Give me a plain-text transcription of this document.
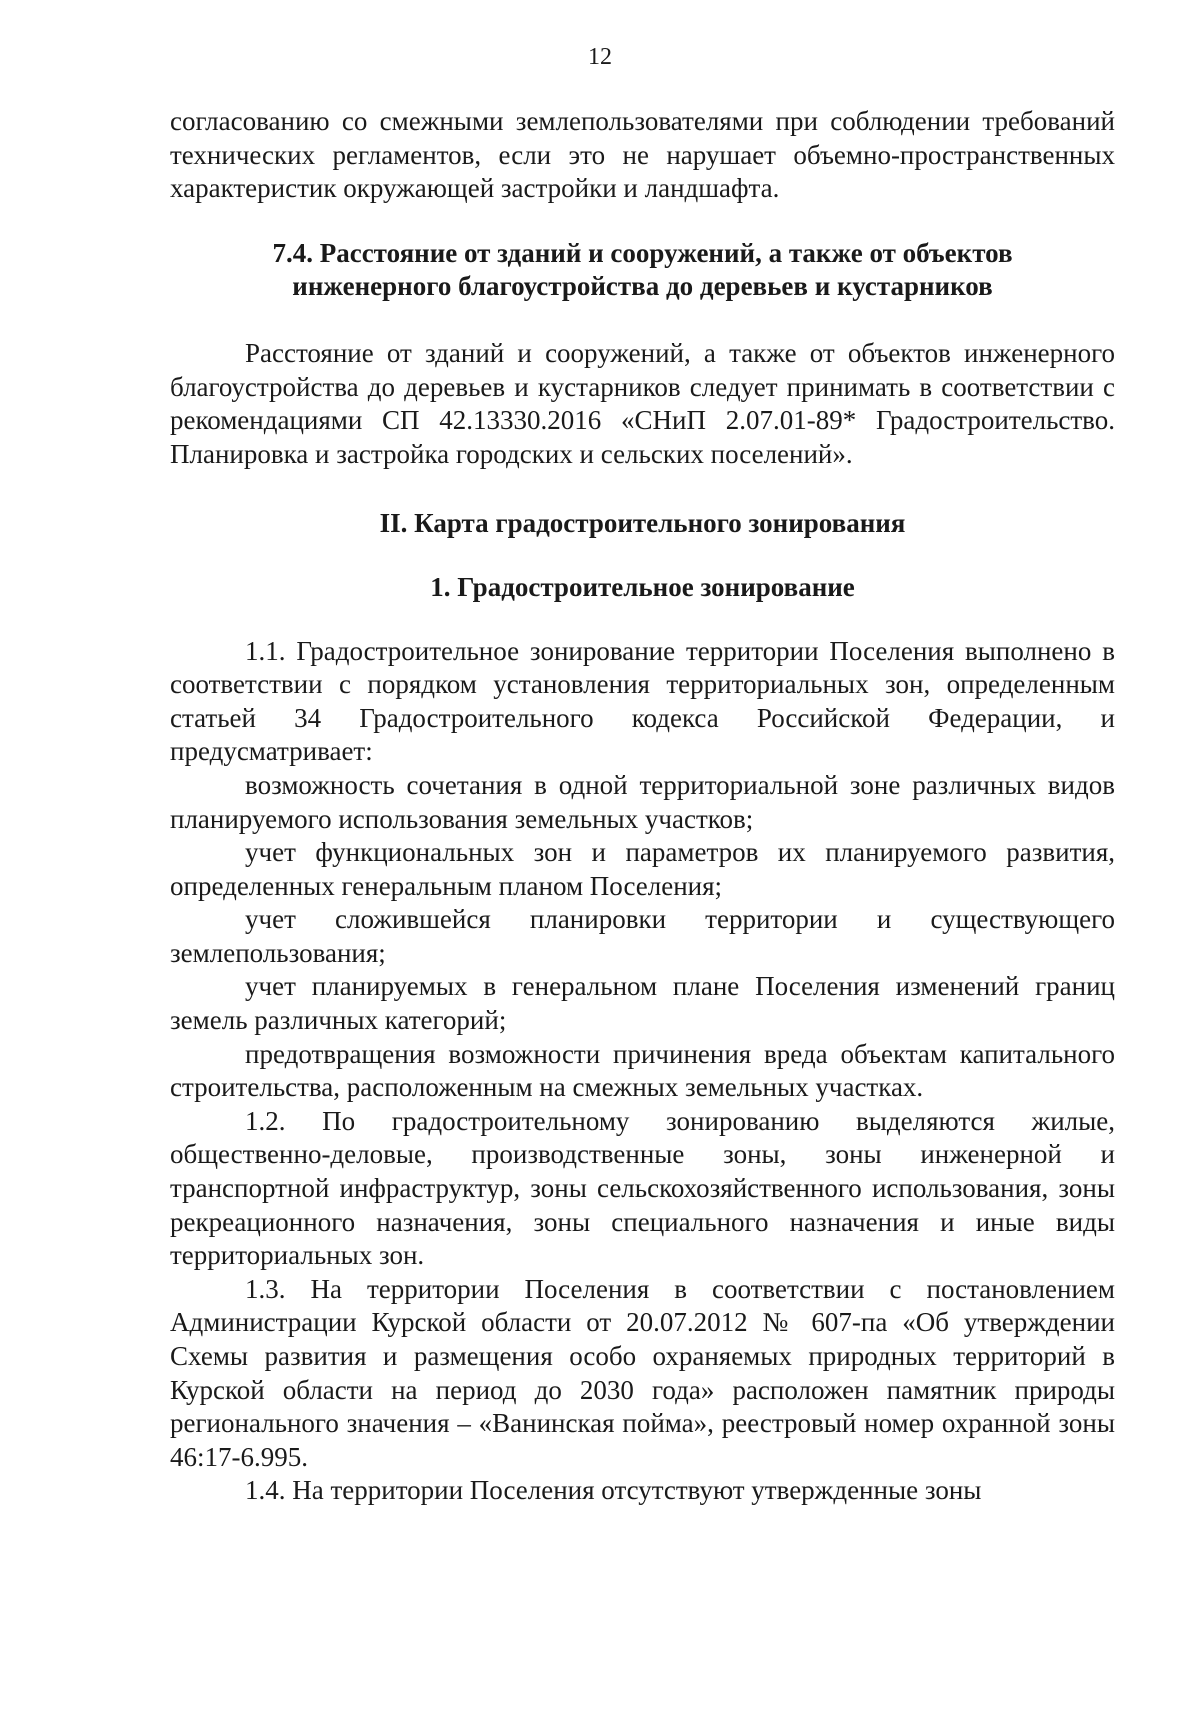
12

согласованию со смежными землепользователями при соблюдении требований технических регламентов, если это не нарушает объемно-пространственных характеристик окружающей застройки и ландшафта.

7.4. Расстояние от зданий и сооружений, а также от объектов
инженерного благоустройства до деревьев и кустарников

Расстояние от зданий и сооружений, а также от объектов инженерного благоустройства до деревьев и кустарников следует принимать в соответствии с рекомендациями СП 42.13330.2016 «СНиП 2.07.01-89* Градостроительство. Планировка и застройка городских и сельских поселений».

II. Карта градостроительного зонирования
1. Градостроительное зонирование

1.1. Градостроительное зонирование территории Поселения выполнено в соответствии с порядком установления территориальных зон, определенным статьей 34 Градостроительного кодекса Российской Федерации, и предусматривает:

возможность сочетания в одной территориальной зоне различных видов планируемого использования земельных участков;

учет функциональных зон и параметров их планируемого развития, определенных генеральным планом Поселения;

учет сложившейся планировки территории и существующего землепользования;

учет планируемых в генеральном плане Поселения изменений границ земель различных категорий;

предотвращения возможности причинения вреда объектам капитального строительства, расположенным на смежных земельных участках.

1.2. По градостроительному зонированию выделяются жилые, общественно-деловые, производственные зоны, зоны инженерной и транспортной инфраструктур, зоны сельскохозяйственного использования, зоны рекреационного назначения, зоны специального назначения и иные виды территориальных зон.

1.3. На территории Поселения в соответствии с постановлением Администрации Курской области от 20.07.2012 № 607-па «Об утверждении Схемы развития и размещения особо охраняемых природных территорий в Курской области на период до 2030 года» расположен памятник природы регионального значения – «Ванинская пойма», реестровый номер охранной зоны 46:17-6.995.

1.4. На территории Поселения отсутствуют утвержденные зоны
